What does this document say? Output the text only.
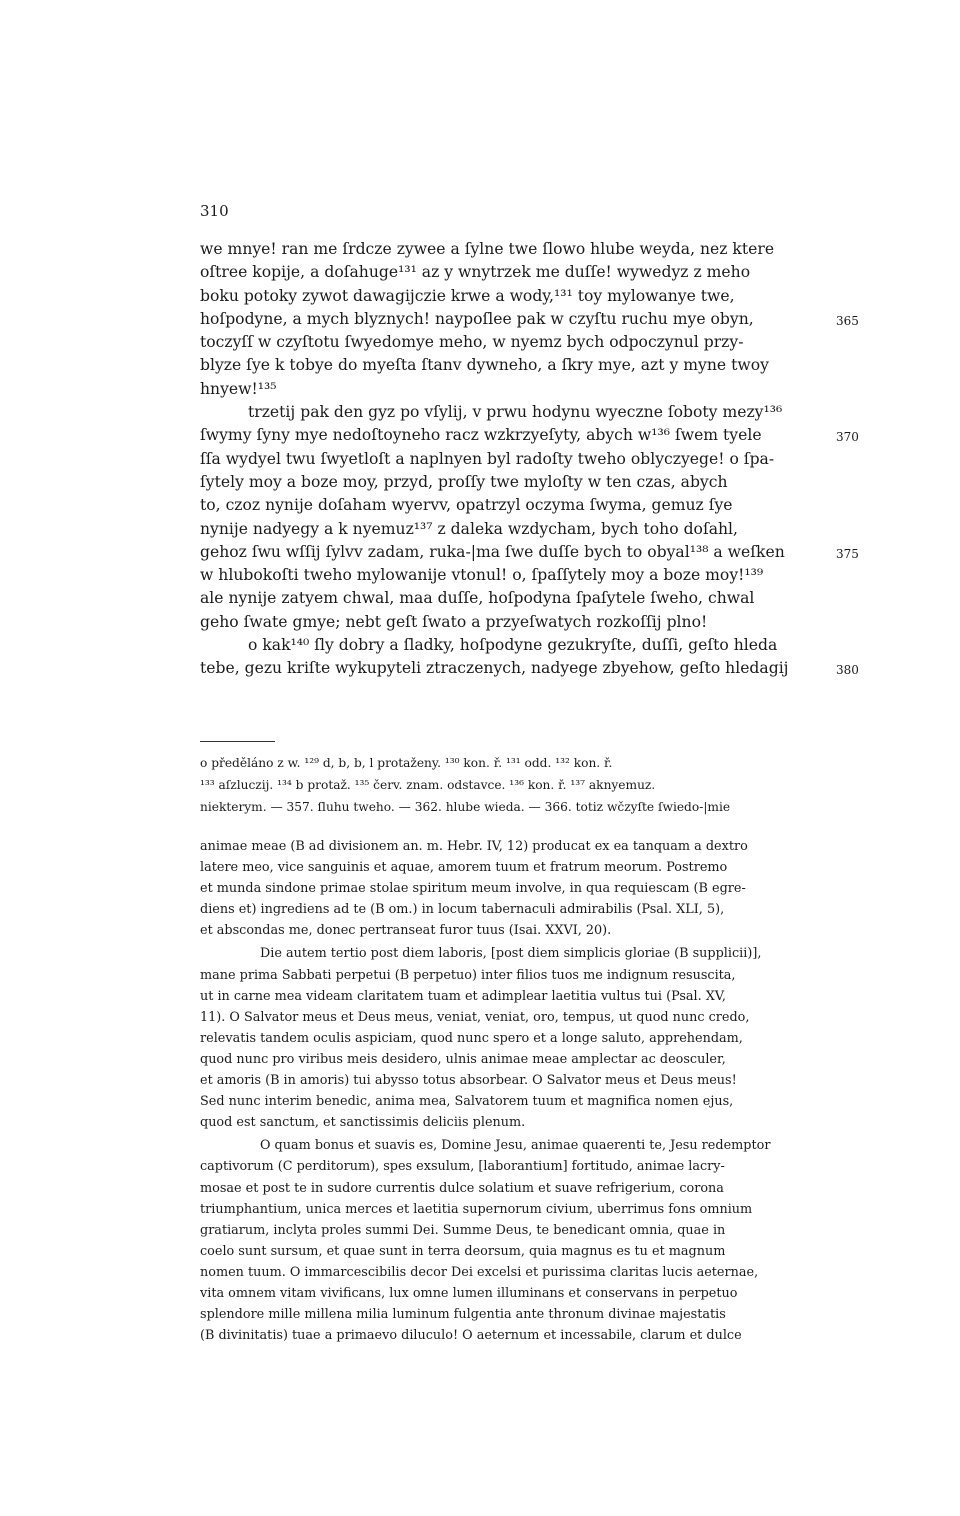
310
we mnye! ran me ſrdcze zywee a ſylne twe ſlowo hlube weyda, nez ktere
oſtree kopije, a doſahuge¹³¹ az y wnytrzek me duſſe! wywedyz z meho
boku potoky zywot dawagijczie krwe a wody,¹³¹ toy mylowanye twe,
hoſpodyne, a mych blyznych! naypoſlee pak w czyſtu ruchu mye obyn,	365
toczyſſ w czyſtotu ſwyedomye meho, w nyemz bych odpoczynul przy-
blyze ſye k tobye do myeſta ſtanv dywneho, a ſkry mye, azt y myne twoy
hnyew!¹³⁵
trzetij pak den gyz po vſylij, v prwu hodynu wyeczne ſoboty mezy¹³⁶
ſwymy ſyny mye nedoſtoyneho racz wzkrzyeſyty, abych w¹³⁶ ſwem tyele	370
ſſa wydyel twu ſwyetloſt a naplnyen byl radoſty tweho oblyczyege! o ſpa-
ſytely moy a boze moy, przyd, proſſy twe myloſty w ten czas, abych
to, czoz nynije doſaham wyervv, opatrzyl oczyma ſwyma, gemuz ſye
nynije nadyegy a k nyemuz¹³⁷ z daleka wzdycham, bych toho doſahl,
gehoz ſwu wſſij ſylvv zadam, ruka-|ma ſwe duſſe bych to obyal¹³⁸ a weſken	375
w hlubokoſti tweho mylowanije vtonul! o, ſpaſſytely moy a boze moy!¹³⁹
ale nynije zatyem chwal, maa duſſe, hoſpodyna ſpaſytele ſweho, chwal
geho ſwate gmye; nebt geſt ſwato a przyeſwatych rozkoſſij plno!
o kak¹⁴⁰ ſly dobry a ſladky, hoſpodyne gezukryſte, duſſi, geſto hleda
tebe, gezu kriſte wykupyteli ztraczenych, nadyege zbyehow, geſto hledagij	380
o předěláno z w. ¹²⁹ d, b, b, l protaženy. ¹³⁰ kon. ř. ¹³¹ odd. ¹³² kon. ř.
¹³³ aſzluczij. ¹³⁴ b protaž. ¹³⁵ červ. znam. odstavce. ¹³⁶ kon. ř. ¹³⁷ aknyemuz.
niekterym. — 357. ſluhu tweho. — 362. hlube wieda. — 366. totiz wčzyſte ſwiedo-|mie
animae meae (B ad divisionem an. m. Hebr. IV, 12) producat ex ea tanquam a dextro
latere meo, vice sanguinis et aquae, amorem tuum et fratrum meorum. Postremo
et munda sindone primae stolae spiritum meum involve, in qua requiescam (B egre-
diens et) ingrediens ad te (B om.) in locum tabernaculi admirabilis (Psal. XLI, 5),
et abscondas me, donec pertranseat furor tuus (Isai. XXVI, 20).
Die autem tertio post diem laboris, [post diem simplicis gloriae (B supplicii)],
mane prima Sabbati perpetui (B perpetuo) inter filios tuos me indignum resuscita,
ut in carne mea videam claritatem tuam et adimplear laetitia vultus tui (Psal. XV,
11). O Salvator meus et Deus meus, veniat, veniat, oro, tempus, ut quod nunc credo,
relevatis tandem oculis aspiciam, quod nunc spero et a longe saluto, apprehendam,
quod nunc pro viribus meis desidero, ulnis animae meae amplectar ac deosculer,
et amoris (B in amoris) tui abysso totus absorbear. O Salvator meus et Deus meus!
Sed nunc interim benedic, anima mea, Salvatorem tuum et magnifica nomen ejus,
quod est sanctum, et sanctissimis deliciis plenum.
O quam bonus et suavis es, Domine Jesu, animae quaerenti te, Jesu redemptor
captivorum (C perditorum), spes exsulum, [laborantium] fortitudo, animae lacry-
mosae et post te in sudore currentis dulce solatium et suave refrigerium, corona
triumphantium, unica merces et laetitia supernorum civium, uberrimus fons omnium
gratiarum, inclyta proles summi Dei. Summe Deus, te benedicant omnia, quae in
coelo sunt sursum, et quae sunt in terra deorsum, quia magnus es tu et magnum
nomen tuum. O immarcescibilis decor Dei excelsi et purissima claritas lucis aeternae,
vita omnem vitam vivificans, lux omne lumen illuminans et conservans in perpetuo
splendore mille millena milia luminum fulgentia ante thronum divinae majestatis
(B divinitatis) tuae a primaevo diluculo! O aeternum et incessabile, clarum et dulce
